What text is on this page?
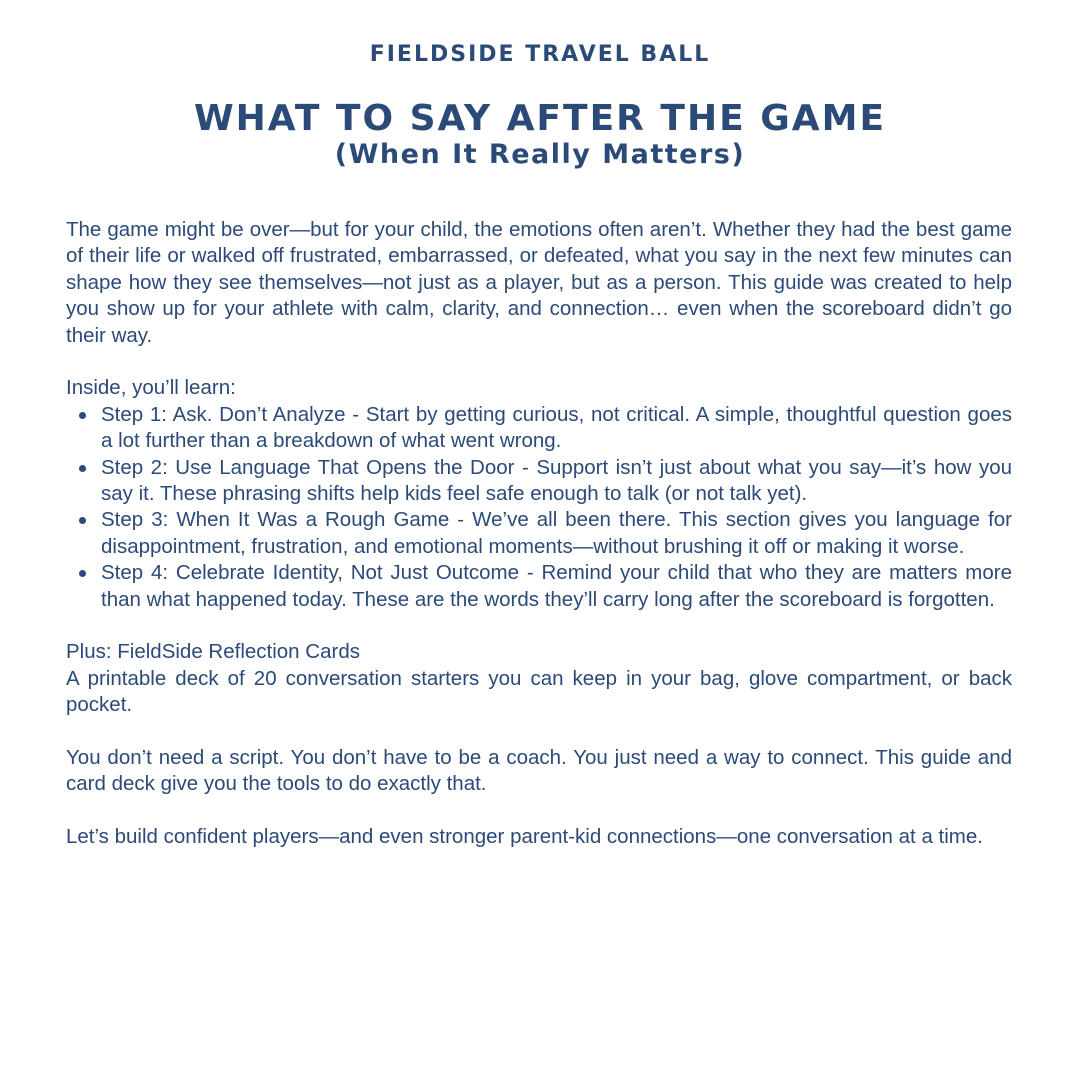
FIELDSIDE TRAVEL BALL
WHAT TO SAY AFTER THE GAME
(When It Really Matters)

The game might be over—but for your child, the emotions often aren’t. Whether they had the best game of their life or walked off frustrated, embarrassed, or defeated, what you say in the next few minutes can shape how they see themselves—not just as a player, but as a person. This guide was created to help you show up for your athlete with calm, clarity, and connection… even when the scoreboard didn’t go their way.

Inside, you’ll learn:

Step 1: Ask. Don’t Analyze - Start by getting curious, not critical. A simple, thoughtful question goes a lot further than a breakdown of what went wrong.
Step 2: Use Language That Opens the Door - Support isn’t just about what you say—it’s how you say it. These phrasing shifts help kids feel safe enough to talk (or not talk yet).
Step 3: When It Was a Rough Game - We’ve all been there. This section gives you language for disappointment, frustration, and emotional moments—without brushing it off or making it worse.
Step 4: Celebrate Identity, Not Just Outcome - Remind your child that who they are matters more than what happened today. These are the words they’ll carry long after the scoreboard is forgotten.

Plus: FieldSide Reflection Cards

A printable deck of 20 conversation starters you can keep in your bag, glove compartment, or back pocket.

You don’t need a script. You don’t have to be a coach. You just need a way to connect. This guide and card deck give you the tools to do exactly that.

Let’s build confident players—and even stronger parent-kid connections—one conversation at a time.
